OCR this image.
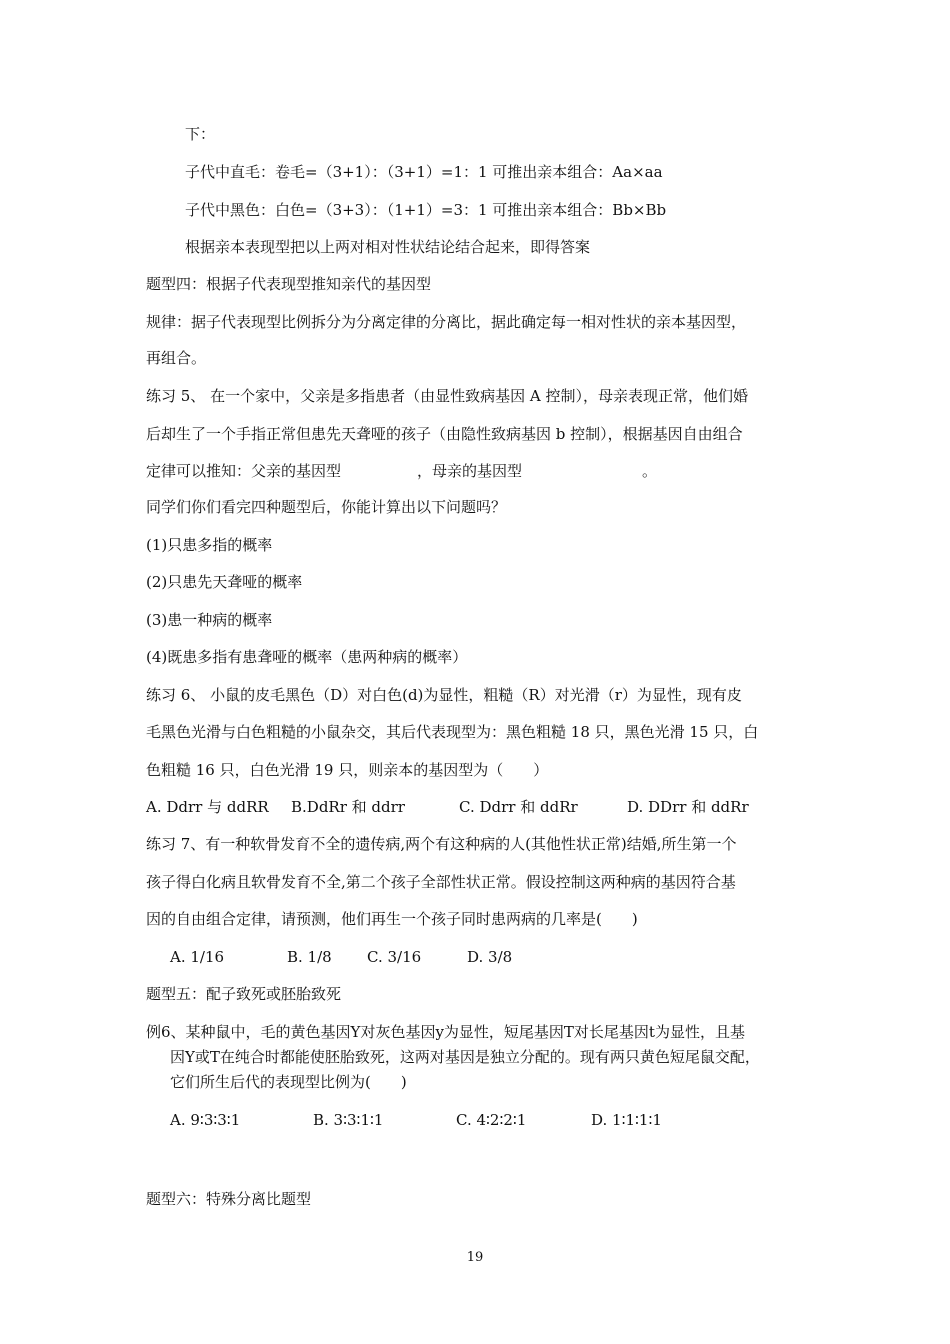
下：
子代中直毛：卷毛=（3+1）：（3+1）=1：1 可推出亲本组合：Aa×aa
子代中黑色：白色=（3+3）：（1+1）=3：1 可推出亲本组合：Bb×Bb
根据亲本表现型把以上两对相对性状结论结合起来，即得答案
题型四：根据子代表现型推知亲代的基因型
规律：据子代表现型比例拆分为分离定律的分离比，据此确定每一相对性状的亲本基因型，
再组合。
练习 5、 在一个家中，父亲是多指患者（由显性致病基因 A 控制），母亲表现正常，他们婚
后却生了一个手指正常但患先天聋哑的孩子（由隐性致病基因 b 控制），根据基因自由组合
定律可以推知：父亲的基因型	，母亲的基因型	。
同学们你们看完四种题型后，你能计算出以下问题吗？
(1)只患多指的概率
(2)只患先天聋哑的概率
(3)患一种病的概率
(4)既患多指有患聋哑的概率（患两种病的概率）
练习 6、 小鼠的皮毛黑色（D）对白色(d)为显性，粗糙（R）对光滑（r）为显性，现有皮
毛黑色光滑与白色粗糙的小鼠杂交，其后代表现型为：黑色粗糙 18 只，黑色光滑 15 只，白
色粗糙 16 只，白色光滑 19 只，则亲本的基因型为（　　）
A. Ddrr 与 ddRR B.DdRr 和 ddrr	C. Ddrr 和 ddRr	D. DDrr 和 ddRr
练习 7、有一种软骨发育不全的遗传病,两个有这种病的人(其他性状正常)结婚,所生第一个
孩子得白化病且软骨发育不全,第二个孩子全部性状正常。假设控制这两种病的基因符合基
因的自由组合定律，请预测，他们再生一个孩子同时患两病的几率是(　　)
A. 1/16	B. 1/8 C. 3/16	D. 3/8
题型五：配子致死或胚胎致死
例6、某种鼠中，毛的黄色基因Y对灰色基因y为显性，短尾基因T对长尾基因t为显性，且基
因Y或T在纯合时都能使胚胎致死，这两对基因是独立分配的。现有两只黄色短尾鼠交配，
它们所生后代的表现型比例为(　　)
A. 9∶3∶3∶1	B. 3∶3∶1∶1	C. 4∶2∶2∶1	D. 1∶1∶1∶1
题型六：特殊分离比题型
19
